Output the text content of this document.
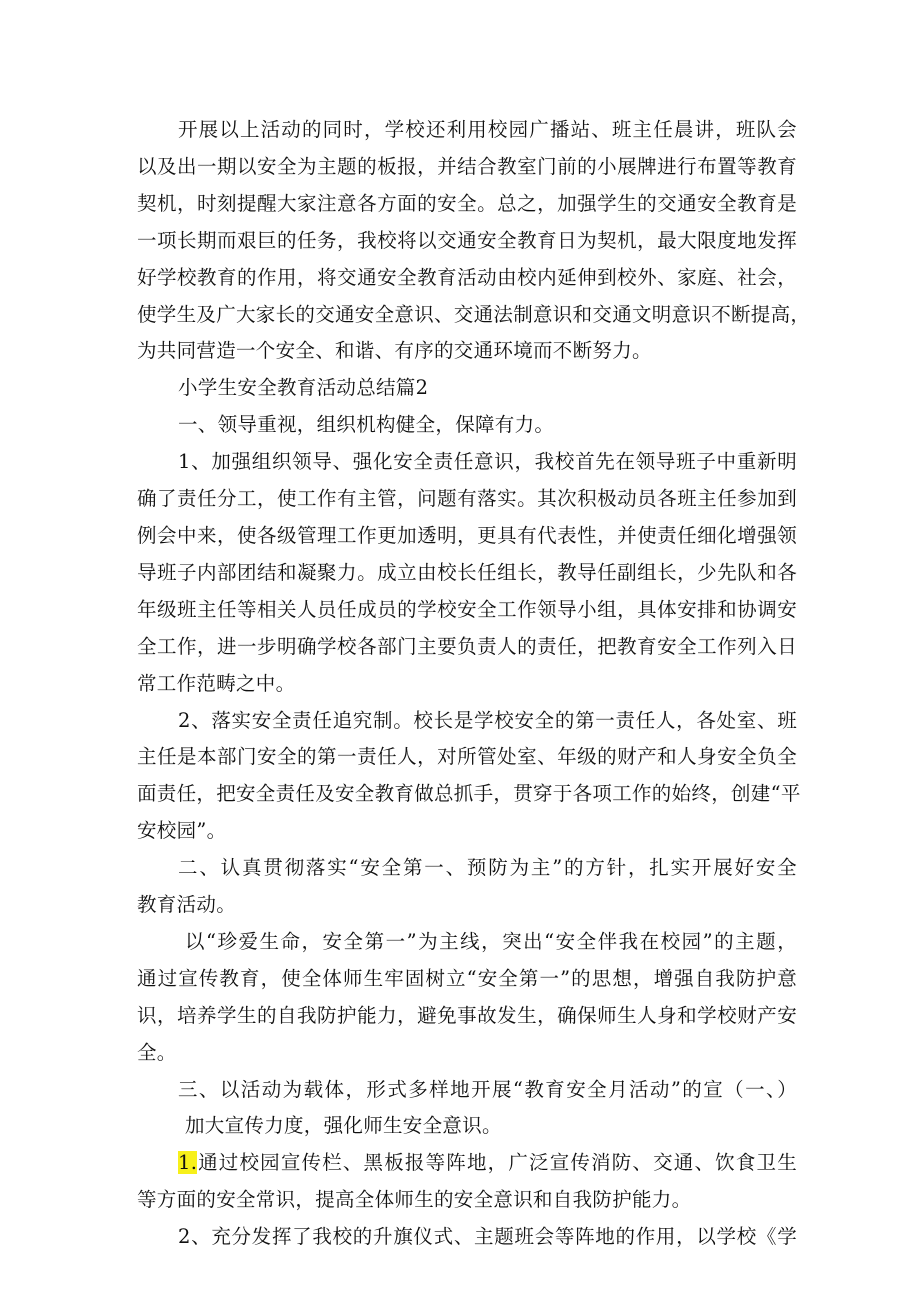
开展以上活动的同时，学校还利用校园广播站、班主任晨讲，班队会
以及出一期以安全为主题的板报，并结合教室门前的小展牌进行布置等教育
契机，时刻提醒大家注意各方面的安全。总之，加强学生的交通安全教育是
一项长期而艰巨的任务，我校将以交通安全教育日为契机，最大限度地发挥
好学校教育的作用，将交通安全教育活动由校内延伸到校外、家庭、社会，
使学生及广大家长的交通安全意识、交通法制意识和交通文明意识不断提高，
为共同营造一个安全、和谐、有序的交通环境而不断努力。
小学生安全教育活动总结篇2
一、领导重视，组织机构健全，保障有力。
1、加强组织领导、强化安全责任意识，我校首先在领导班子中重新明
确了责任分工，使工作有主管，问题有落实。其次积极动员各班主任参加到
例会中来，使各级管理工作更加透明，更具有代表性，并使责任细化增强领
导班子内部团结和凝聚力。成立由校长任组长，教导任副组长，少先队和各
年级班主任等相关人员任成员的学校安全工作领导小组，具体安排和协调安
全工作，进一步明确学校各部门主要负责人的责任，把教育安全工作列入日
常工作范畴之中。
2、落实安全责任追究制。校长是学校安全的第一责任人，各处室、班
主任是本部门安全的第一责任人，对所管处室、年级的财产和人身安全负全
面责任，把安全责任及安全教育做总抓手，贯穿于各项工作的始终，创建“平
安校园”。
二、认真贯彻落实“安全第一、预防为主”的方针，扎实开展好安全
教育活动。
以“珍爱生命，安全第一”为主线，突出“安全伴我在校园”的主题，
通过宣传教育，使全体师生牢固树立“安全第一”的思想，增强自我防护意
识，培养学生的自我防护能力，避免事故发生，确保师生人身和学校财产安
全。
三、以活动为载体，形式多样地开展“教育安全月活动”的宣（一、）
加大宣传力度，强化师生安全意识。
1.通过校园宣传栏、黑板报等阵地，广泛宣传消防、交通、饮食卫生
等方面的安全常识，提高全体师生的安全意识和自我防护能力。
2、充分发挥了我校的升旗仪式、主题班会等阵地的作用，以学校《学
